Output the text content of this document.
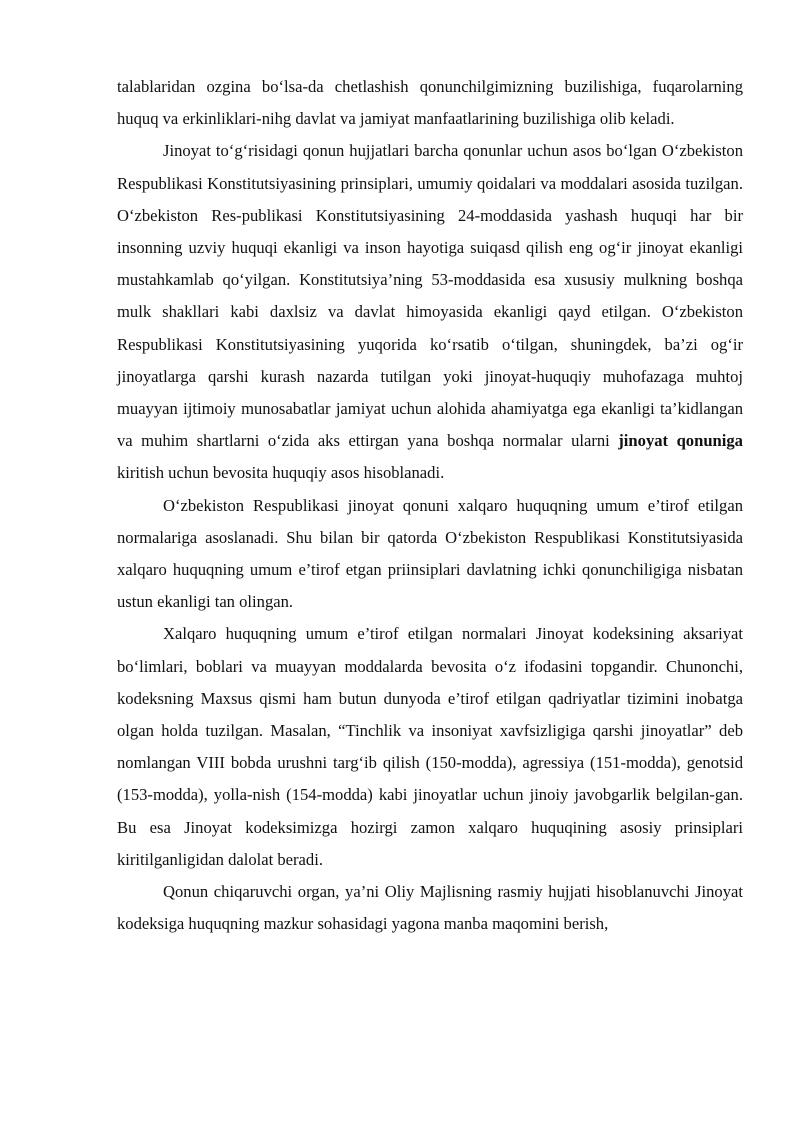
talablaridan ozgina boʻlsa-da chetlashish qonunchilgimizning buzilishiga, fuqarolarning huquq va erkinliklari-nihg davlat va jamiyat manfaatlarining buzilishiga olib keladi.

Jinoyat toʻgʻrisidagi qonun hujjatlari barcha qonunlar uchun asos boʻlgan Oʻzbekiston Respublikasi Konstitutsiyasining prinsiplari, umumiy qoidalari va moddalari asosida tuzilgan. Oʻzbekiston Res-publikasi Konstitutsiyasining 24-moddasida yashash huquqi har bir insonning uzviy huquqi ekanligi va inson hayotiga suiqasd qilish eng ogʻir jinoyat ekanligi mustahkamlab qoʻyilgan. Konstitutsiya’ning 53-moddasida esa xususiy mulkning boshqa mulk shakllari kabi daxlsiz va davlat himoyasida ekanligi qayd etilgan. Oʻzbekiston Respublikasi Konstitutsiyasining yuqorida koʻrsatib oʻtilgan, shuningdek, ba’zi ogʻir jinoyatlarga qarshi kurash nazarda tutilgan yoki jinoyat-huquqiy muhofazaga muhtoj muayyan ijtimoiy munosabatlar jamiyat uchun alohida ahamiyatga ega ekanligi ta’kidlangan va muhim shartlarni oʻzida aks ettirgan yana boshqa normalar ularni jinoyat qonuniga kiritish uchun bevosita huquqiy asos hisoblanadi.

Oʻzbekiston Respublikasi jinoyat qonuni xalqaro huquqning umum e’tirof etilgan normalariga asoslanadi. Shu bilan bir qatorda Oʻzbekiston Respublikasi Konstitutsiyasida xalqaro huquqning umum e’tirof etgan priinsiplari davlatning ichki qonunchiligiga nisbatan ustun ekanligi tan olingan.

Xalqaro huquqning umum e’tirof etilgan normalari Jinoyat kodeksining aksariyat boʻlimlari, boblari va muayyan moddalarda bevosita oʻz ifodasini topgandir. Chunonchi, kodeksning Maxsus qismi ham butun dunyoda e’tirof etilgan qadriyatlar tizimini inobatga olgan holda tuzilgan. Masalan, “Tinchlik va insoniyat xavfsizligiga qarshi jinoyatlar” deb nomlangan VIII bobda urushni targʻib qilish (150-modda), agressiya (151-modda), genotsid (153-modda), yolla-nish (154-modda) kabi jinoyatlar uchun jinoiy javobgarlik belgilan-gan. Bu esa Jinoyat kodeksimizga hozirgi zamon xalqaro huquqining asosiy prinsiplari kiritilganligidan dalolat beradi.

Qonun chiqaruvchi organ, ya’ni Oliy Majlisning rasmiy hujjati hisoblanuvchi Jinoyat kodeksiga huquqning mazkur sohasidagi yagona manba maqomini berish,
